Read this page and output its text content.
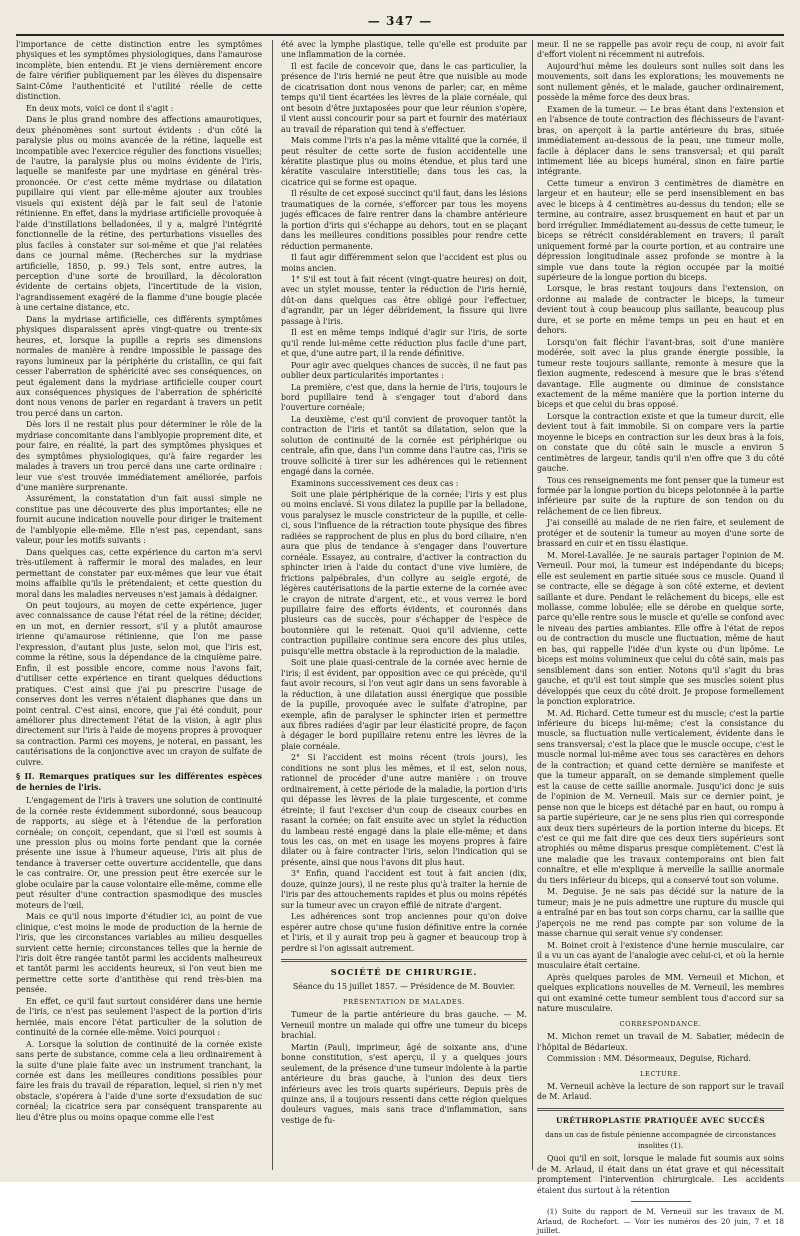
— 347 —

l'importance de cette distinction entre les symptômes physiques et les symptômes physiologiques, dans l'amaurose incomplète, bien entendu. Et je viens dernièrement encore de faire vérifier publiquement par les élèves du dispensaire Saint-Côme l'authenticité et l'utilité réelle de cette distinction.

En deux mots, voici ce dont il s'agit :

Dans le plus grand nombre des affections amaurotiques, deux phénomènes sont surtout évidents : d'un côté la paralysie plus ou moins avancée de la rétine, laquelle est incompatible avec l'exercice régulier des fonctions visuelles; de l'autre, la paralysie plus ou moins évidente de l'iris, laquelle se manifeste par une mydriase en général très-prononcée. Or c'est cette même mydriase ou dilatation pupillaire qui vient par elle-même ajouter aux troubles visuels qui existent déjà par le fait seul de l'atonie rétinienne. En effet, dans la mydriase artificielle provoquée à l'aide d'instillations belladonées, il y a, malgré l'intégrité fonctionnelle de la rétine, des perturbations visuelles des plus faciles à constater sur soi-même et que j'ai relatées dans ce journal même. (Recherches sur la mydriase artificielle, 1850, p. 99.) Tels sont, entre autres, la perception d'une sorte de brouillard, la décoloration évidente de certains objets, l'incertitude de la vision, l'agrandissement exagéré de la flamme d'une bougie placée à une certaine distance, etc.

Dans la mydriase artificielle, ces différents symptômes physiques disparaissent après vingt-quatre ou trente-six heures, et, lorsque la pupille a repris ses dimensions normales de manière à rendre impossible le passage des rayons lumineux par la périphérie du cristallin, ce qui fait cesser l'aberration de sphéricité avec ses conséquences, on peut également dans la mydriase artificielle couper court aux conséquences physiques de l'aberration de sphéricité dont nous venons de parler en regardant à travers un petit trou percé dans un carton.

Dès lors il ne restait plus pour déterminer le rôle de la mydriase concomitante dans l'amblyopie proprement dite, et pour faire, en réalité, la part des symptômes physiques et des symptômes physiologiques, qu'à faire regarder les malades à travers un trou percé dans une carte ordinaire : leur vue s'est trouvée immédiatement améliorée, parfois d'une manière surprenante.

Assurément, la constatation d'un fait aussi simple ne constitue pas une découverte des plus importantes; elle ne fournit aucune indication nouvelle pour diriger le traitement de l'amblyopie elle-même. Elle n'est pas, cependant, sans valeur, pour les motifs suivants :

Dans quelques cas, cette expérience du carton m'a servi très-utilement à raffermir le moral des malades, en leur permettant de constater par eux-mêmes que leur vue était moins affaiblie qu'ils le prétendaient; et cette question du moral dans les maladies nerveuses n'est jamais à dédaigner.

On peut toujours, au moyen de cette expérience, juger avec connaissance de cause l'état réel de la rétine; décider, en un mot, en dernier ressort, s'il y a plutôt amaurose irienne qu'amaurose rétinienne, que l'on me passe l'expression, d'autant plus juste, selon moi, que l'iris est, comme la rétine, sous la dépendance de la cinquième paire. Enfin, il est possible encore, comme nous l'avons fait, d'utiliser cette expérience en tirant quelques déductions pratiques. C'est ainsi que j'ai pu prescrire l'usage de conserves dont les verres n'étaient diaphanes que dans un point central. C'est ainsi, encore, que j'ai été conduit, pour améliorer plus directement l'état de la vision, à agir plus directement sur l'iris à l'aide de moyens propres à provoquer sa contraction. Parmi ces moyens, je noterai, en passant, les cautérisations de la conjonctive avec un crayon de sulfate de cuivre.

§ II. Remarques pratiques sur les différentes espèces de hernies de l'iris.

L'engagement de l'iris à travers une solution de continuité de la cornée reste évidemment subordonné, sous beaucoup de rapports, au siège et à l'étendue de la perforation cornéale; on conçoit, cependant, que si l'œil est soumis à une pression plus ou moins forte pendant que la cornée présente une issue à l'humeur aqueuse, l'iris ait plus de tendance à traverser cette ouverture accidentelle, que dans le cas contraire. Or, une pression peut être exercée sur le globe oculaire par la cause volontaire elle-même, comme elle peut résulter d'une contraction spasmodique des muscles moteurs de l'œil.

Mais ce qu'il nous importe d'étudier ici, au point de vue clinique, c'est moins le mode de production de la hernie de l'iris, que les circonstances variables au milieu desquelles survient cette hernie; circonstances telles que la hernie de l'iris doit être rangée tantôt parmi les accidents malheureux et tantôt parmi les accidents heureux, si l'on veut bien me permettre cette sorte d'antithèse qui rend très-bien ma pensée.

En effet, ce qu'il faut surtout considérer dans une hernie de l'iris, ce n'est pas seulement l'aspect de la portion d'iris herniée, mais encore l'état particulier de la solution de continuité de la cornée elle-même. Voici pourquoi :

A. Lorsque la solution de continuité de la cornée existe sans perte de substance, comme cela a lieu ordinairement à la suite d'une plaie faite avec un instrument tranchant, la cornée est dans les meilleures conditions possibles pour faire les frais du travail de réparation, lequel, si rien n'y met obstacle, s'opérera à l'aide d'une sorte d'exsudation de suc cornéal; la cicatrice sera par conséquent transparente au lieu d'être plus ou moins opaque comme elle l'est

été avec la lymphe plastique, telle qu'elle est produite par une inflammation de la cornée.

Il est facile de concevoir que, dans le cas particulier, la présence de l'iris hernié ne peut être que nuisible au mode de cicatrisation dont nous venons de parler; car, en même temps qu'il tient écartées les lèvres de la plaie cornéale, qui ont besoin d'être juxtaposées pour que leur réunion s'opère, il vient aussi concourir pour sa part et fournir des matériaux au travail de réparation qui tend à s'effectuer.

Mais comme l'iris n'a pas la même vitalité que la cornée, il peut résulter de cette sorte de fusion accidentelle une kératite plastique plus ou moins étendue, et plus tard une kératite vasculaire interstitielle; dans tous les cas, la cicatrice qui se forme est opaque.

Il résulte de cet exposé succinct qu'il faut, dans les lésions traumatiques de la cornée, s'efforcer par tous les moyens jugés efficaces de faire rentrer dans la chambre antérieure la portion d'iris qui s'échappe au dehors, tout en se plaçant dans les meilleures conditions possibles pour rendre cette réduction permanente.

Il faut agir différemment selon que l'accident est plus ou moins ancien.

1° S'il est tout à fait récent (vingt-quatre heures) on doit, avec un stylet mousse, tenter la réduction de l'iris hernié, dût-on dans quelques cas être obligé pour l'effectuer, d'agrandir, par un léger débridement, la fissure qui livre passage à l'iris.

Il est en même temps indiqué d'agir sur l'iris, de sorte qu'il rende lui-même cette réduction plus facile d'une part, et que, d'une autre part, il la rende définitive.

Pour agir avec quelques chances de succès, il ne faut pas oublier deux particularités importantes :

La première, c'est que, dans la hernie de l'iris, toujours le bord pupillaire tend à s'engager tout d'abord dans l'ouverture cornéale;

La deuxième, c'est qu'il convient de provoquer tantôt la contraction de l'iris et tantôt sa dilatation, selon que la solution de continuité de la cornée est périphérique ou centrale, afin que, dans l'un comme dans l'autre cas, l'iris se trouve sollicité à tirer sur les adhérences qui le retiennent engagé dans la cornée.

Examinons successivement ces deux cas :

Soit une plaie périphérique de la cornée; l'iris y est plus ou moins enclavé. Si vous dilatez la pupille par la belladone, vous paralysez le muscle constricteur de la pupille, et celle-ci, sous l'influence de la rétraction toute physique des fibres radiées se rapprochent de plus en plus du bord ciliaire, n'en aura que plus de tendance à s'engager dans l'ouverture cornéale. Essayez, au contraire, d'activer la contraction du sphincter irien à l'aide du contact d'une vive lumière, de frictions palpébrales, d'un collyre au seigle ergoté, de légères cautérisations de la partie externe de la cornée avec le crayon de nitrate d'argent, etc., et vous verrez le bord pupillaire faire des efforts évidents, et couronnés dans plusieurs cas de succès, pour s'échapper de l'espèce de boutonnière qui le retenait. Quoi qu'il advienne, cette contraction pupillaire continue sera encore des plus utiles, puisqu'elle mettra obstacle à la reproduction de la maladie.

Soit une plaie quasi-centrale de la cornée avec hernie de l'iris; il est évident, par opposition avec ce qui précède, qu'il faut avoir recours, si l'on veut agir dans un sens favorable à la réduction, à une dilatation aussi énergique que possible de la pupille, provoquée avec le sulfate d'atropine, par exemple, afin de paralyser le sphincter irien et permettre aux fibres radiées d'agir par leur élasticité propre, de façon à dégager le bord pupillaire retenu entre les lèvres de la plaie cornéale.

2° Si l'accident est moins récent (trois jours), les conditions ne sont plus les mêmes, et il est, selon nous, rationnel de procéder d'une autre manière : on trouve ordinairement, à cette période de la maladie, la portion d'iris qui dépasse les lèvres de la plaie turgescente, et comme étreinte; il faut l'exciser d'un coup de ciseaux courbes en rasant la cornée; on fait ensuite avec un stylet la réduction du lambeau resté engagé dans la plaie elle-même; et dans tous les cas, on met en usage les moyens propres à faire dilater ou à faire contracter l'iris, selon l'indication qui se présente, ainsi que nous l'avons dit plus haut.

3° Enfin, quand l'accident est tout à fait ancien (dix, douze, quinze jours), il ne reste plus qu'à traiter la hernie de l'iris par des attouchements rapides et plus ou moins répétés sur la tumeur avec un crayon effilé de nitrate d'argent.

Les adhérences sont trop anciennes pour qu'on doive espérer autre chose qu'une fusion définitive entre la cornée et l'iris, et il y aurait trop peu à gagner et beaucoup trop à perdre si l'on agissait autrement.

SOCIÉTÉ DE CHIRURGIE.

Séance du 15 juillet 1857. — Présidence de M. Bouvier.

PRÉSENTATION DE MALADES.

Tumeur de la partie antérieure du bras gauche. — M. Verneuil montre un malade qui offre une tumeur du biceps brachial.

Martin (Paul), imprimeur, âgé de soixante ans, d'une bonne constitution, s'est aperçu, il y a quelques jours seulement, de la présence d'une tumeur indolente à la partie antérieure du bras gauche, à l'union des deux tiers inférieurs avec les trois quarts supérieurs. Depuis près de quinze ans, il a toujours ressenti dans cette région quelques douleurs vagues, mais sans trace d'inflammation, sans vestige de fu-

meur. Il ne se rappelle pas avoir reçu de coup, ni avoir fait d'effort violent ni récemment ni autrefois.

Aujourd'hui même les douleurs sont nulles soit dans les mouvements, soit dans les explorations; les mouvements ne sont nullement gênés, et le malade, gaucher ordinairement, possède la même force des deux bras.

Examen de la tumeur. — Le bras étant dans l'extension et en l'absence de toute contraction des fléchisseurs de l'avant-bras, on aperçoit à la partie antérieure du bras, située immédiatement au-dessous de la peau, une tumeur molle, facile à déplacer dans le sens transversal; et qui paraît intimement liée au biceps huméral, sinon en faire partie intégrante.

Cette tumeur a environ 3 centimètres de diamètre en largeur et en hauteur; elle se perd insensiblement en bas avec le biceps à 4 centimètres au-dessus du tendon; elle se termine, au contraire, assez brusquement en haut et par un bord irrégulier. Immédiatement au-dessus de cette tumeur, le biceps se rétrécit considérablement en travers; il paraît uniquement formé par la courte portion, et au contraire une dépression longitudinale assez profonde se montre à la simple vue dans toute la région occupée par la moitié supérieure de la longue portion du biceps.

Lorsque, le bras restant toujours dans l'extension, on ordonne au malade de contracter le biceps, la tumeur devient tout à coup beaucoup plus saillante, beaucoup plus dure, et se porte en même temps un peu en haut et en dehors.

Lorsqu'on fait fléchir l'avant-bras, soit d'une manière modérée, soit avec la plus grande énergie possible, la tumeur reste toujours saillante, remonte à mesure que la flexion augmente, redescend à mesure que le bras s'étend davantage. Elle augmente ou diminue de consistance exactement de la même manière que la portion interne du biceps et que celui du bras opposé.

Lorsque la contraction existe et que la tumeur durcit, elle devient tout à fait immobile. Si on compare vers la partie moyenne le biceps en contraction sur les deux bras à la fois, on constate que du côté sain le muscle a environ 5 centimètres de largeur, tandis qu'il n'en offre que 3 du côté gauche.

Tous ces renseignements me font penser que la tumeur est formée par la longue portion du biceps pelotonnée à la partie inférieure par suite de la rupture de son tendon ou du relâchement de ce lien fibreux.

J'ai conseillé au malade de ne rien faire, et seulement de protéger et de soutenir la tumeur au moyen d'une sorte de brassard en cuir et en tissu élastique.

M. Morel-Lavallée. Je ne saurais partager l'opinion de M. Verneuil. Pour moi, la tumeur est indépendante du biceps; elle est seulement en partie située sous ce muscle. Quand il se contracte, elle se dégage à son côté externe, et devient saillante et dure. Pendant le relâchement du biceps, elle est mollasse, comme lobulée; elle se dérobe en quelque sorte, parce qu'elle rentre sous le muscle et qu'elle se confond avec le niveau des parties ambiantes. Elle offre à l'état de repos ou de contraction du muscle une fluctuation, même de haut en bas, qui rappelle l'idée d'un kyste ou d'un lipôme. Le biceps est moins volumineux que celui du côté sain, mais pas sensiblement dans son entier. Notons qu'il s'agit du bras gauche, et qu'il est tout simple que ses muscles soient plus développés que ceux du côté droit. Je propose formellement la ponction exploratrice.

M. Ad. Richard. Cette tumeur est du muscle; c'est la partie inférieure du biceps lui-même; c'est la consistance du muscle, sa fluctuation nulle verticalement, évidente dans le sens transversal; c'est la place que le muscle occupe, c'est le muscle normal lui-même avec tous ses caractères en dehors de la contraction; et quand cette dernière se manifeste et que la tumeur apparaît, on se demande simplement quelle est la cause de cette saillie anormale. Jusqu'ici donc je suis de l'opinion de M. Verneuil. Mais sur ce dernier point, je pense non que le biceps est détaché par en haut, ou rompu à sa partie supérieure, car je ne sens plus rien qui corresponde aux deux tiers supérieurs de la portion interne du biceps. Et c'est ce qui me fait dire que ces deux tiers supérieurs sont atrophiés ou même disparus presque complètement. C'est là une maladie que les travaux contemporains ont bien fait connaître, et elle m'explique à merveille la saillie anormale du tiers inférieur du biceps, qui a conservé tout son volume.

M. Deguise. Je ne sais pas décidé sur la nature de la tumeur; mais je ne puis admettre une rupture du muscle qui a entraîné par en bas tout son corps charnu, car la saillie que j'aperçois ne me rend pas compte par son volume de la masse charnue qui serait venue s'y condenser.

M. Boinet croit à l'existence d'une hernie musculaire, car il a vu un cas ayant de l'analogie avec celui-ci, et où la hernie musculaire était certaine.

Après quelques paroles de MM. Verneuil et Michon, et quelques explications nouvelles de M. Verneuil, les membres qui ont examiné cette tumeur semblent tous d'accord sur sa nature musculaire.

CORRESPONDANCE.

M. Michon remet un travail de M. Sabatier, médecin de l'hôpital de Bédarieux.

Commission : MM. Désormeaux, Deguise, Richard.

LECTURE.

M. Verneuil achève la lecture de son rapport sur le travail de M. Arlaud.

URÉTHROPLASTIE PRATIQUÉE AVEC SUCCÈS

dans un cas de fistule pénienne accompagnée de circonstances insolites (1).

Quoi qu'il en soit, lorsque le malade fut soumis aux soins de M. Arlaud, il était dans un état grave et qui nécessitait promptement l'intervention chirurgicale. Les accidents étaient dus surtout à la rétention

(1) Suite du rapport de M. Verneuil sur les travaux de M. Arlaud, de Rochefort. — Voir les numéros des 20 juin, 7 et 18 juillet.
